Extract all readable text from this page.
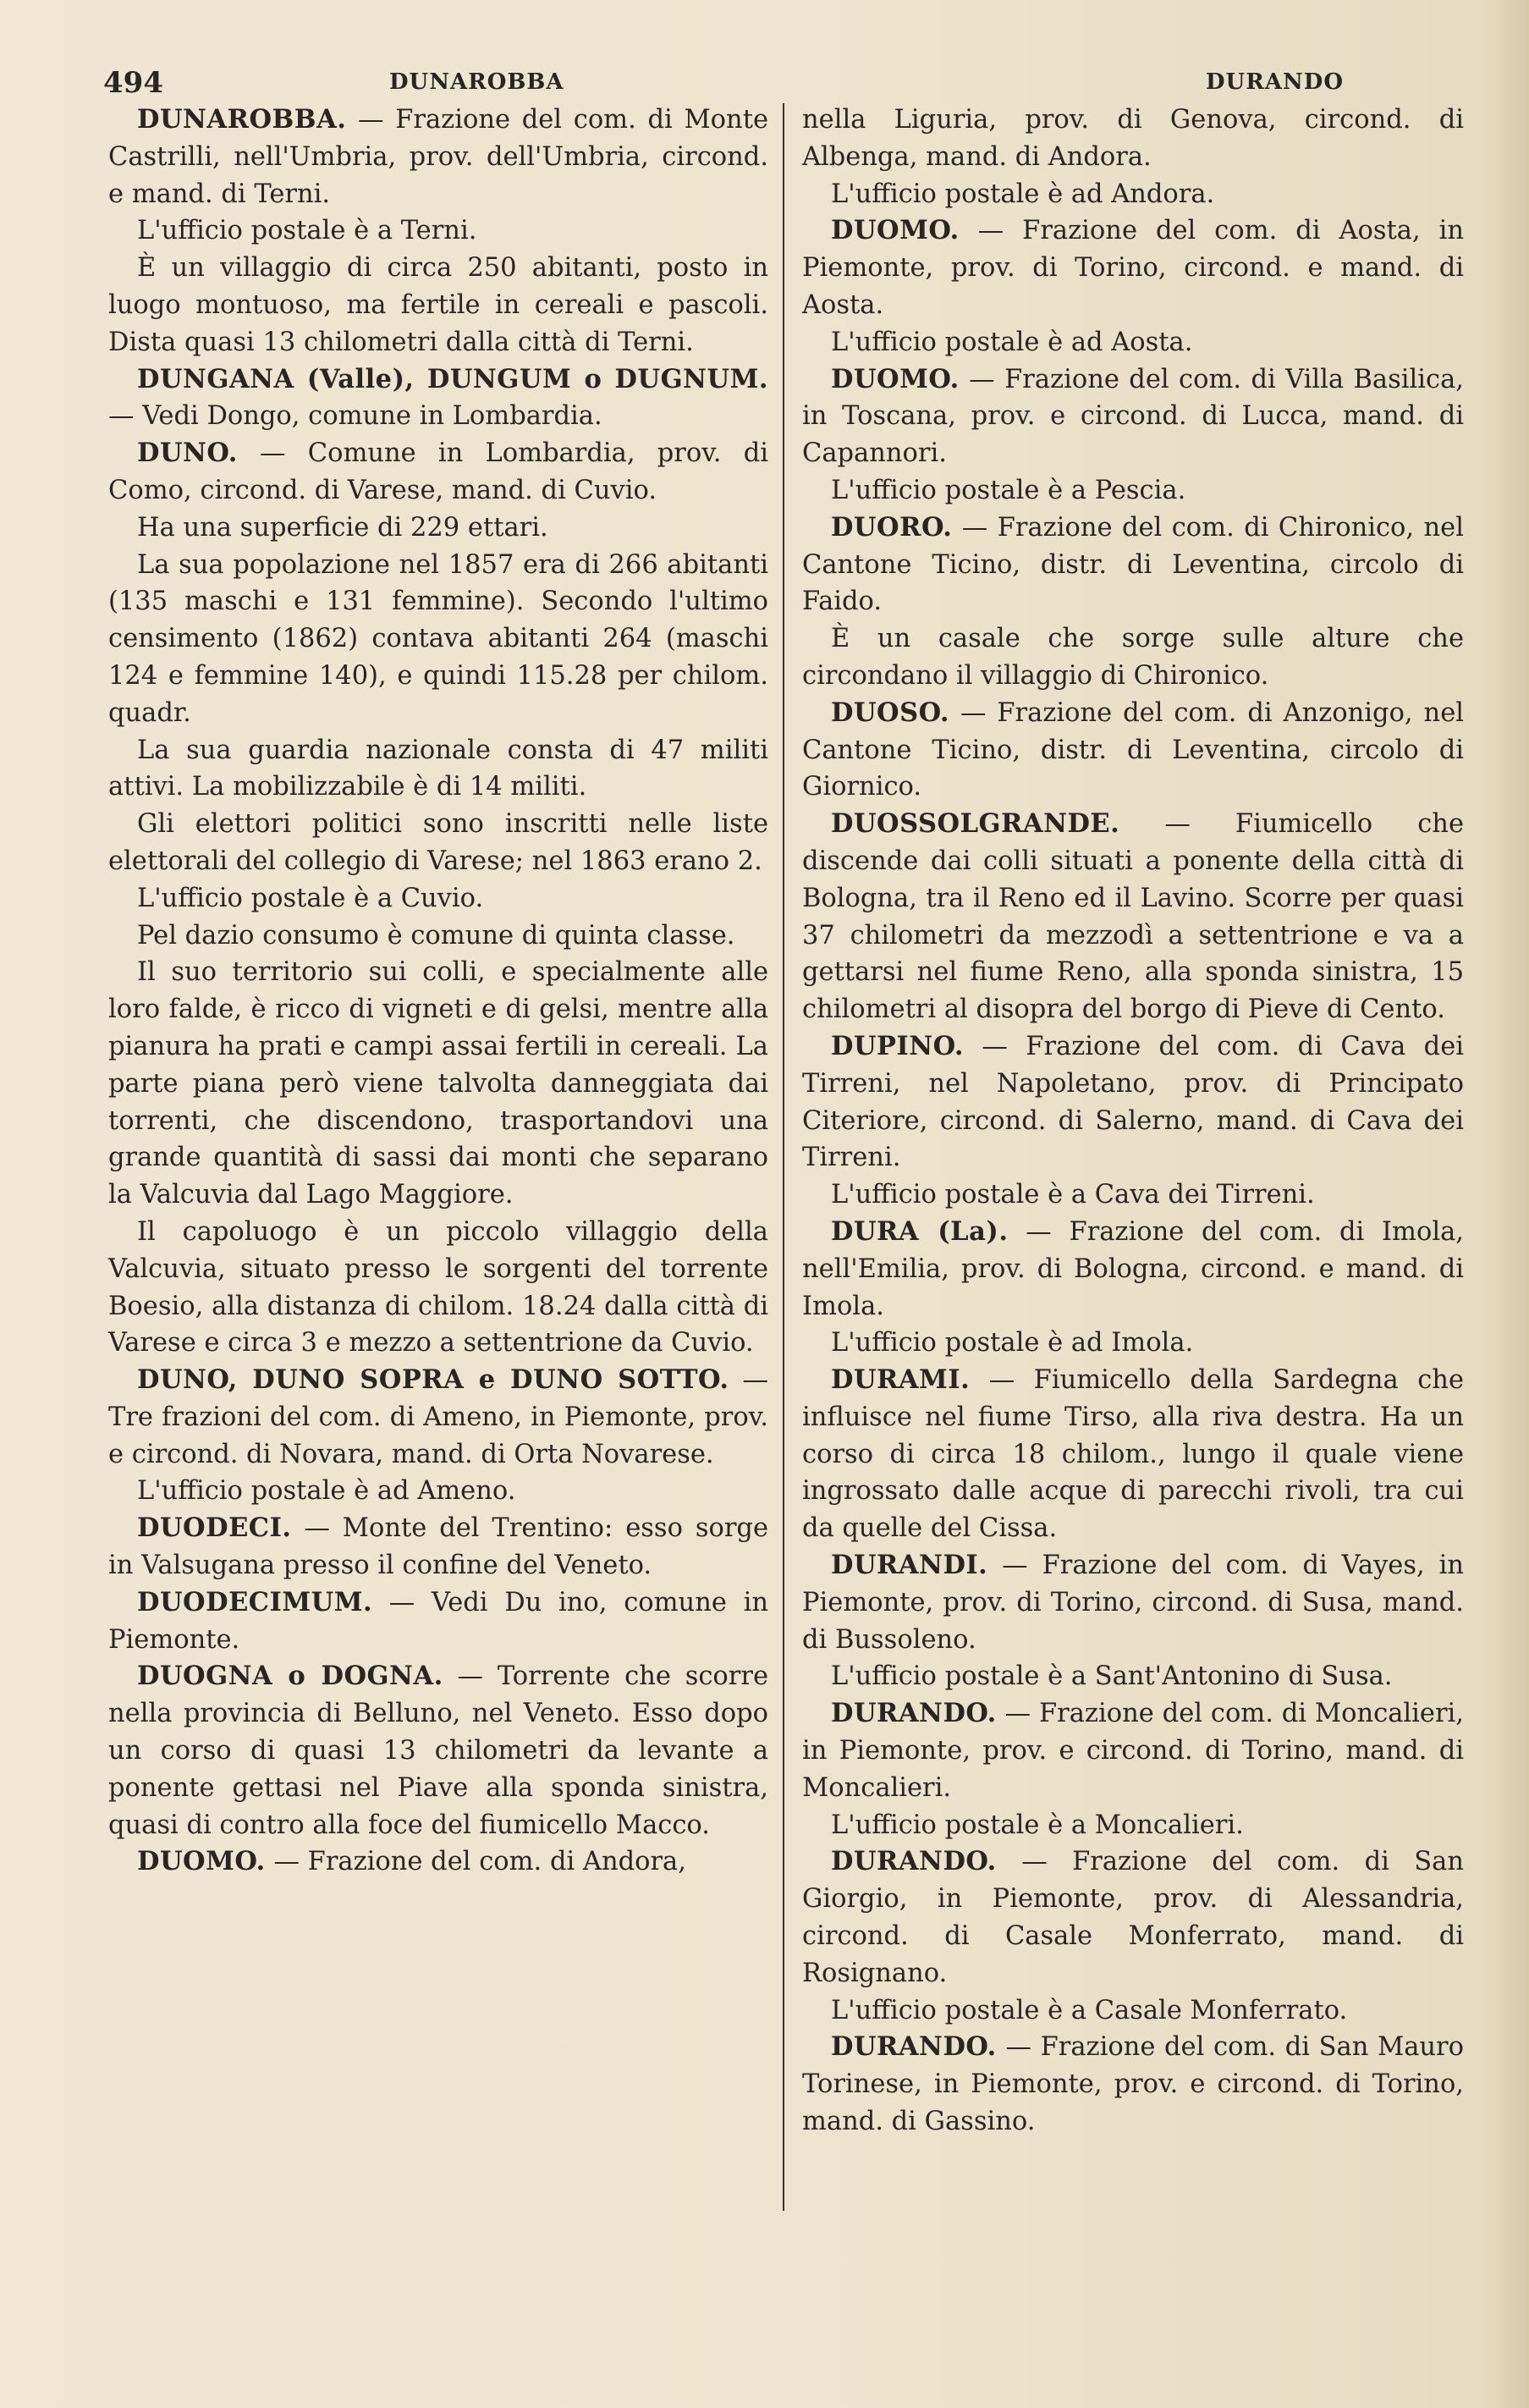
494	DUNAROBBA	DURANDO

DUNAROBBA. — Frazione del com. di Monte Castrilli, nell'Umbria, prov. dell'Umbria, circond. e mand. di Terni.

L'ufficio postale è a Terni.

È un villaggio di circa 250 abitanti, posto in luogo montuoso, ma fertile in cereali e pascoli. Dista quasi 13 chilometri dalla città di Terni.

DUNGANA (Valle), DUNGUM o DUGNUM. — Vedi Dongo, comune in Lombardia.

DUNO. — Comune in Lombardia, prov. di Como, circond. di Varese, mand. di Cuvio.

Ha una superficie di 229 ettari.

La sua popolazione nel 1857 era di 266 abitanti (135 maschi e 131 femmine). Secondo l'ultimo censimento (1862) contava abitanti 264 (maschi 124 e femmine 140), e quindi 115.28 per chilom. quadr.

La sua guardia nazionale consta di 47 militi attivi. La mobilizzabile è di 14 militi.

Gli elettori politici sono inscritti nelle liste elettorali del collegio di Varese; nel 1863 erano 2.

L'ufficio postale è a Cuvio.

Pel dazio consumo è comune di quinta classe.

Il suo territorio sui colli, e specialmente alle loro falde, è ricco di vigneti e di gelsi, mentre alla pianura ha prati e campi assai fertili in cereali. La parte piana però viene talvolta danneggiata dai torrenti, che discendono, trasportandovi una grande quantità di sassi dai monti che separano la Valcuvia dal Lago Maggiore.

Il capoluogo è un piccolo villaggio della Valcuvia, situato presso le sorgenti del torrente Boesio, alla distanza di chilom. 18.24 dalla città di Varese e circa 3 e mezzo a settentrione da Cuvio.

DUNO, DUNO SOPRA e DUNO SOTTO. — Tre frazioni del com. di Ameno, in Piemonte, prov. e circond. di Novara, mand. di Orta Novarese.

L'ufficio postale è ad Ameno.

DUODECI. — Monte del Trentino: esso sorge in Valsugana presso il confine del Veneto.

DUODECIMUM. — Vedi Du ino, comune in Piemonte.

DUOGNA o DOGNA. — Torrente che scorre nella provincia di Belluno, nel Veneto. Esso dopo un corso di quasi 13 chilometri da levante a ponente gettasi nel Piave alla sponda sinistra, quasi di contro alla foce del fiumicello Macco.

DUOMO. — Frazione del com. di Andora,

nella Liguria, prov. di Genova, circond. di Albenga, mand. di Andora.

L'ufficio postale è ad Andora.

DUOMO. — Frazione del com. di Aosta, in Piemonte, prov. di Torino, circond. e mand. di Aosta.

L'ufficio postale è ad Aosta.

DUOMO. — Frazione del com. di Villa Basilica, in Toscana, prov. e circond. di Lucca, mand. di Capannori.

L'ufficio postale è a Pescia.

DUORO. — Frazione del com. di Chironico, nel Cantone Ticino, distr. di Leventina, circolo di Faido.

È un casale che sorge sulle alture che circondano il villaggio di Chironico.

DUOSO. — Frazione del com. di Anzonigo, nel Cantone Ticino, distr. di Leventina, circolo di Giornico.

DUOSSOLGRANDE. — Fiumicello che discende dai colli situati a ponente della città di Bologna, tra il Reno ed il Lavino. Scorre per quasi 37 chilometri da mezzodì a settentrione e va a gettarsi nel fiume Reno, alla sponda sinistra, 15 chilometri al disopra del borgo di Pieve di Cento.

DUPINO. — Frazione del com. di Cava dei Tirreni, nel Napoletano, prov. di Principato Citeriore, circond. di Salerno, mand. di Cava dei Tirreni.

L'ufficio postale è a Cava dei Tirreni.

DURA (La). — Frazione del com. di Imola, nell'Emilia, prov. di Bologna, circond. e mand. di Imola.

L'ufficio postale è ad Imola.

DURAMI. — Fiumicello della Sardegna che influisce nel fiume Tirso, alla riva destra. Ha un corso di circa 18 chilom., lungo il quale viene ingrossato dalle acque di parecchi rivoli, tra cui da quelle del Cissa.

DURANDI. — Frazione del com. di Vayes, in Piemonte, prov. di Torino, circond. di Susa, mand. di Bussoleno.

L'ufficio postale è a Sant'Antonino di Susa.

DURANDO. — Frazione del com. di Moncalieri, in Piemonte, prov. e circond. di Torino, mand. di Moncalieri.

L'ufficio postale è a Moncalieri.

DURANDO. — Frazione del com. di San Giorgio, in Piemonte, prov. di Alessandria, circond. di Casale Monferrato, mand. di Rosignano.

L'ufficio postale è a Casale Monferrato.

DURANDO. — Frazione del com. di San Mauro Torinese, in Piemonte, prov. e circond. di Torino, mand. di Gassino.
